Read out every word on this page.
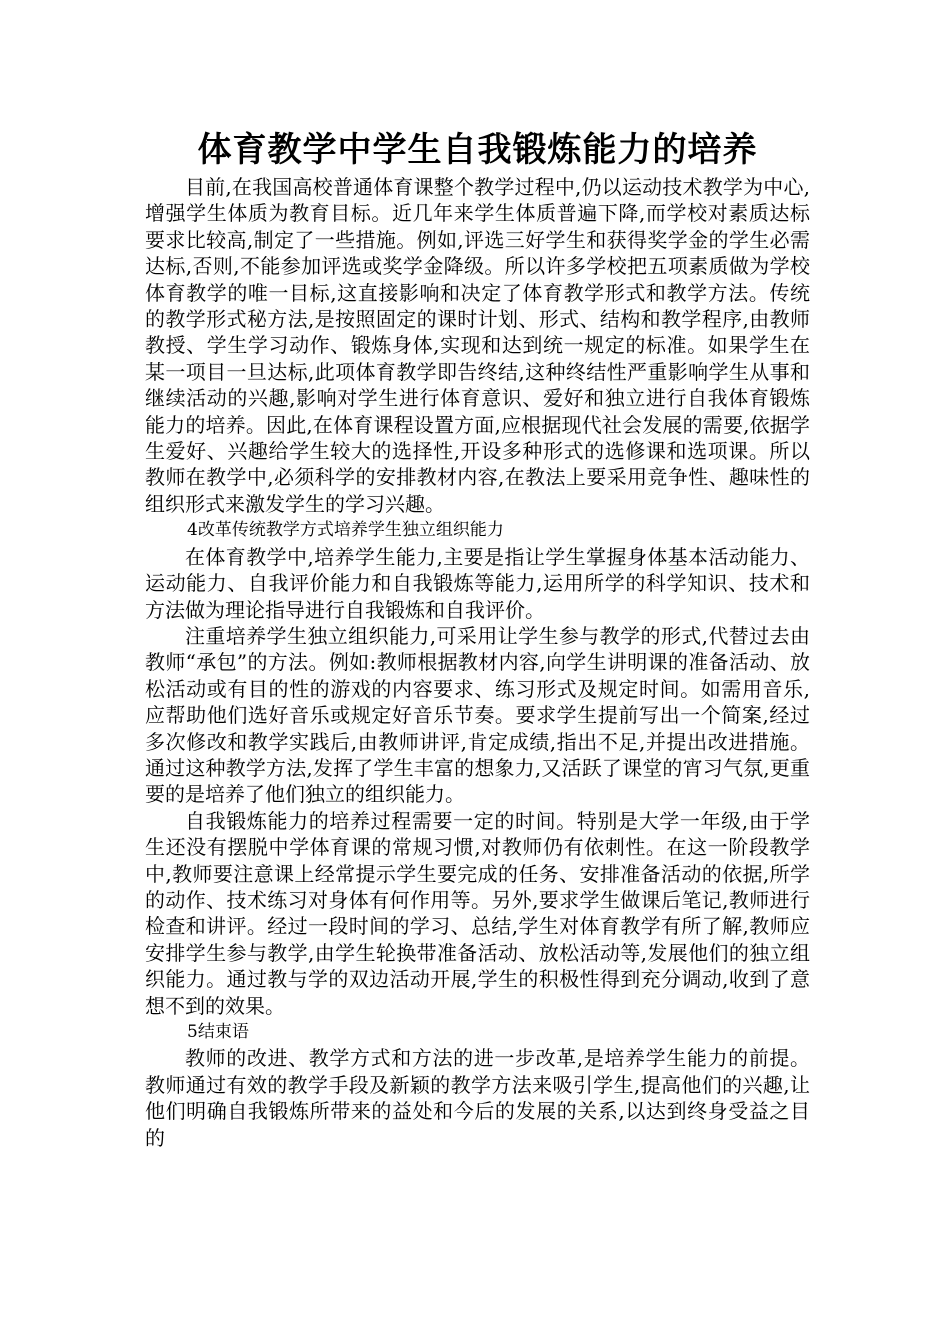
体育教学中学生自我锻炼能力的培养

目前,在我国高校普通体育课整个教学过程中,仍以运动技术教学为中心,增强学生体质为教育目标。近几年来学生体质普遍下降,而学校对素质达标要求比较高,制定了一些措施。例如,评选三好学生和获得奖学金的学生必需达标,否则,不能参加评选或奖学金降级。所以许多学校把五项素质做为学校体育教学的唯一目标,这直接影响和决定了体育教学形式和教学方法。传统的教学形式秘方法,是按照固定的课时计划、形式、结构和教学程序,由教师教授、学生学习动作、锻炼身体,实现和达到统一规定的标准。如果学生在某一项目一旦达标,此项体育教学即告终结,这种终结性严重影响学生从事和继续活动的兴趣,影响对学生进行体育意识、爱好和独立进行自我体育锻炼能力的培养。因此,在体育课程设置方面,应根据现代社会发展的需要,依据学生爱好、兴趣给学生较大的选择性,开设多种形式的选修课和选项课。所以教师在教学中,必须科学的安排教材内容,在教法上要采用竞争性、趣味性的组织形式来激发学生的学习兴趣。

4改革传统教学方式培养学生独立组织能力

在体育教学中,培养学生能力,主要是指让学生掌握身体基本活动能力、运动能力、自我评价能力和自我锻炼等能力,运用所学的科学知识、技术和方法做为理论指导进行自我锻炼和自我评价。

注重培养学生独立组织能力,可采用让学生参与教学的形式,代替过去由教师“承包”的方法。例如:教师根据教材内容,向学生讲明课的准备活动、放松活动或有目的性的游戏的内容要求、练习形式及规定时间。如需用音乐,应帮助他们选好音乐或规定好音乐节奏。要求学生提前写出一个简案,经过多次修改和教学实践后,由教师讲评,肯定成绩,指出不足,并提出改进措施。通过这种教学方法,发挥了学生丰富的想象力,又活跃了课堂的宵习气氛,更重要的是培养了他们独立的组织能力。

自我锻炼能力的培养过程需要一定的时间。特别是大学一年级,由于学生还没有摆脱中学体育课的常规习惯,对教师仍有依刺性。在这一阶段教学中,教师要注意课上经常提示学生要完成的任务、安排准备活动的依据,所学的动作、技术练习对身体有何作用等。另外,要求学生做课后笔记,教师进行检查和讲评。经过一段时间的学习、总结,学生对体育教学有所了解,教师应安排学生参与教学,由学生轮换带准备活动、放松活动等,发展他们的独立组织能力。通过教与学的双边活动开展,学生的积极性得到充分调动,收到了意想不到的效果。

5结束语

教师的改进、教学方式和方法的进一步改革,是培养学生能力的前提。教师通过有效的教学手段及新颖的教学方法来吸引学生,提高他们的兴趣,让他们明确自我锻炼所带来的益处和今后的发展的关系,以达到终身受益之目的
